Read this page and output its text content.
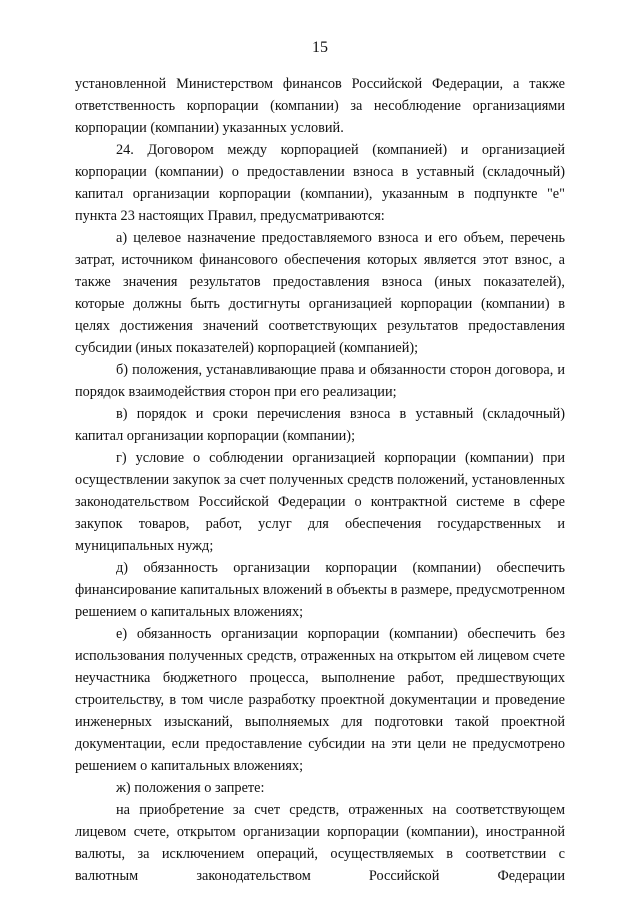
15

установленной Министерством финансов Российской Федерации, а также ответственность корпорации (компании) за несоблюдение организациями корпорации (компании) указанных условий.

24. Договором между корпорацией (компанией) и организацией корпорации (компании) о предоставлении взноса в уставный (складочный) капитал организации корпорации (компании), указанным в подпункте "е" пункта 23 настоящих Правил, предусматриваются:

а) целевое назначение предоставляемого взноса и его объем, перечень затрат, источником финансового обеспечения которых является этот взнос, а также значения результатов предоставления взноса (иных показателей), которые должны быть достигнуты организацией корпорации (компании) в целях достижения значений соответствующих результатов предоставления субсидии (иных показателей) корпорацией (компанией);

б) положения, устанавливающие права и обязанности сторон договора, и порядок взаимодействия сторон при его реализации;

в) порядок и сроки перечисления взноса в уставный (складочный) капитал организации корпорации (компании);

г) условие о соблюдении организацией корпорации (компании) при осуществлении закупок за счет полученных средств положений, установленных законодательством Российской Федерации о контрактной системе в сфере закупок товаров, работ, услуг для обеспечения государственных и муниципальных нужд;

д) обязанность организации корпорации (компании) обеспечить финансирование капитальных вложений в объекты в размере, предусмотренном решением о капитальных вложениях;

е) обязанность организации корпорации (компании) обеспечить без использования полученных средств, отраженных на открытом ей лицевом счете неучастника бюджетного процесса, выполнение работ, предшествующих строительству, в том числе разработку проектной документации и проведение инженерных изысканий, выполняемых для подготовки такой проектной документации, если предоставление субсидии на эти цели не предусмотрено решением о капитальных вложениях;

ж) положения о запрете:

на приобретение за счет средств, отраженных на соответствующем лицевом счете, открытом организации корпорации (компании), иностранной валюты, за исключением операций, осуществляемых в соответствии с валютным законодательством Российской Федерации
